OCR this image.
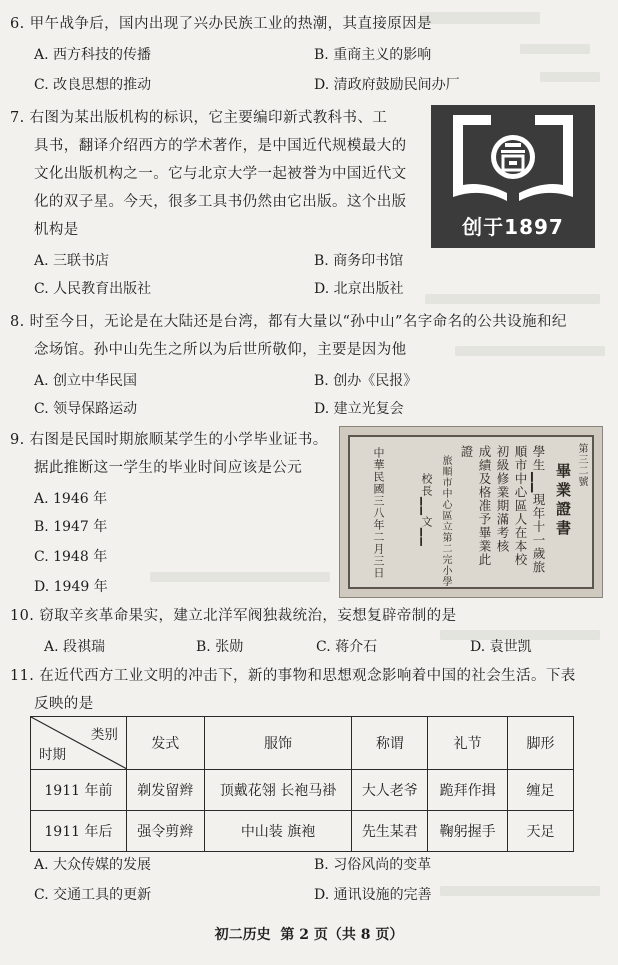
6. 甲午战争后，国内出现了兴办民族工业的热潮，其直接原因是
A. 西方科技的传播	B. 重商主义的影响
C. 改良思想的推动	D. 清政府鼓励民间办厂
7. 右图为某出版机构的标识，它主要编印新式教科书、工
具书，翻译介绍西方的学术著作，是中国近代规模最大的
文化出版机构之一。它与北京大学一起被誉为中国近代文
化的双子星。今天，很多工具书仍然由它出版。这个出版
机构是
A. 三联书店	B. 商务印书馆
C. 人民教育出版社	D. 北京出版社
创于1897
8. 时至今日，无论是在大陆还是台湾，都有大量以“孙中山”名字命名的公共设施和纪
念场馆。孙中山先生之所以为后世所敬仰，主要是因为他
A. 创立中华民国	B. 创办《民报》
C. 领导保路运动	D. 建立光复会
9. 右图是民国时期旅顺某学生的小学毕业证书。
据此推断这一学生的毕业时间应该是公元
A. 1946 年
B. 1947 年
C. 1948 年
D. 1949 年
第三二號
畢業證書
學生▁▁現年十一歲旅
順市中心區人在本校
初級修業期滿考核
成績及格准予畢業此
證
旅順市中心區立第二完小學
校長▁▁文▁▁
中華民國三八年二月三日
10. 窃取辛亥革命果实，建立北洋军阀独裁统治，妄想复辟帝制的是
A. 段祺瑞	B. 张勋	C. 蒋介石	D. 袁世凯
11. 在近代西方工业文明的冲击下，新的事物和思想观念影响着中国的社会生活。下表
反映的是
类别
时期	发式	服饰	称谓	礼节	脚形
1911 年前	剃发留辫	顶戴花翎 长袍马褂	大人老爷	跪拜作揖	缠足
1911 年后	强令剪辫	中山装 旗袍	先生某君	鞠躬握手	天足
A. 大众传媒的发展	B. 习俗风尚的变革
C. 交通工具的更新	D. 通讯设施的完善
初二历史  第 2 页（共 8 页）
